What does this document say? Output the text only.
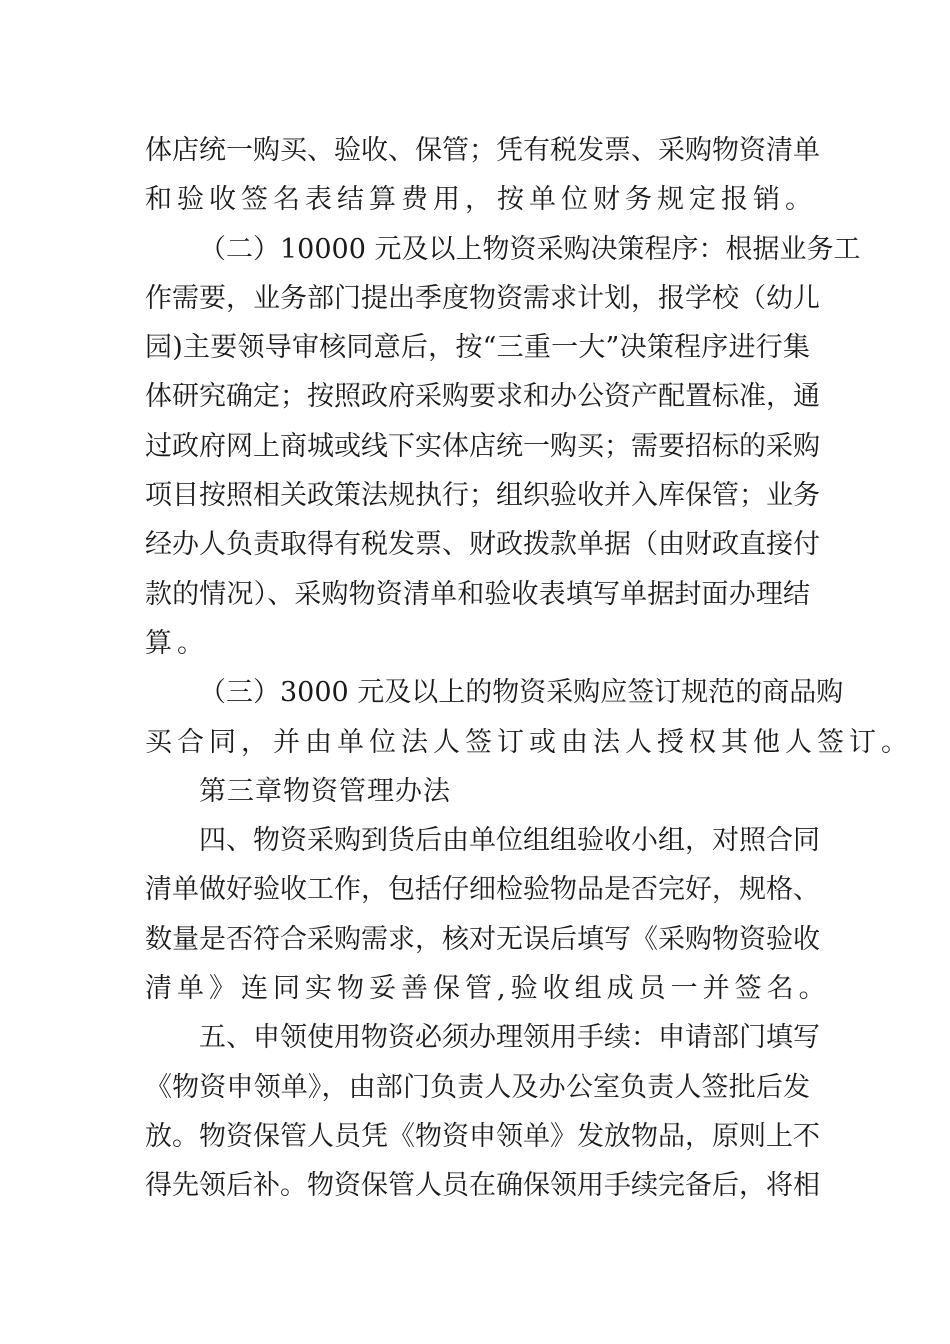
体店统一购买、验收、保管；凭有税发票、采购物资清单
和验收签名表结算费用，按单位财务规定报销。
（二）10000 元及以上物资采购决策程序：根据业务工
作需要，业务部门提出季度物资需求计划，报学校（幼儿
园)主要领导审核同意后，按“三重一大”决策程序进行集
体研究确定；按照政府采购要求和办公资产配置标准，通
过政府网上商城或线下实体店统一购买；需要招标的采购
项目按照相关政策法规执行；组织验收并入库保管；业务
经办人负责取得有税发票、财政拨款单据（由财政直接付
款的情况）、采购物资清单和验收表填写单据封面办理结
算。
（三）3000 元及以上的物资采购应签订规范的商品购
买合同，并由单位法人签订或由法人授权其他人签订。
第三章物资管理办法
四、物资采购到货后由单位组组验收小组，对照合同
清单做好验收工作，包括仔细检验物品是否完好，规格、
数量是否符合采购需求，核对无误后填写《采购物资验收
清单》连同实物妥善保管,验收组成员一并签名。
五、申领使用物资必须办理领用手续：申请部门填写
《物资申领单》，由部门负责人及办公室负责人签批后发
放。物资保管人员凭《物资申领单》发放物品，原则上不
得先领后补。物资保管人员在确保领用手续完备后，将相
